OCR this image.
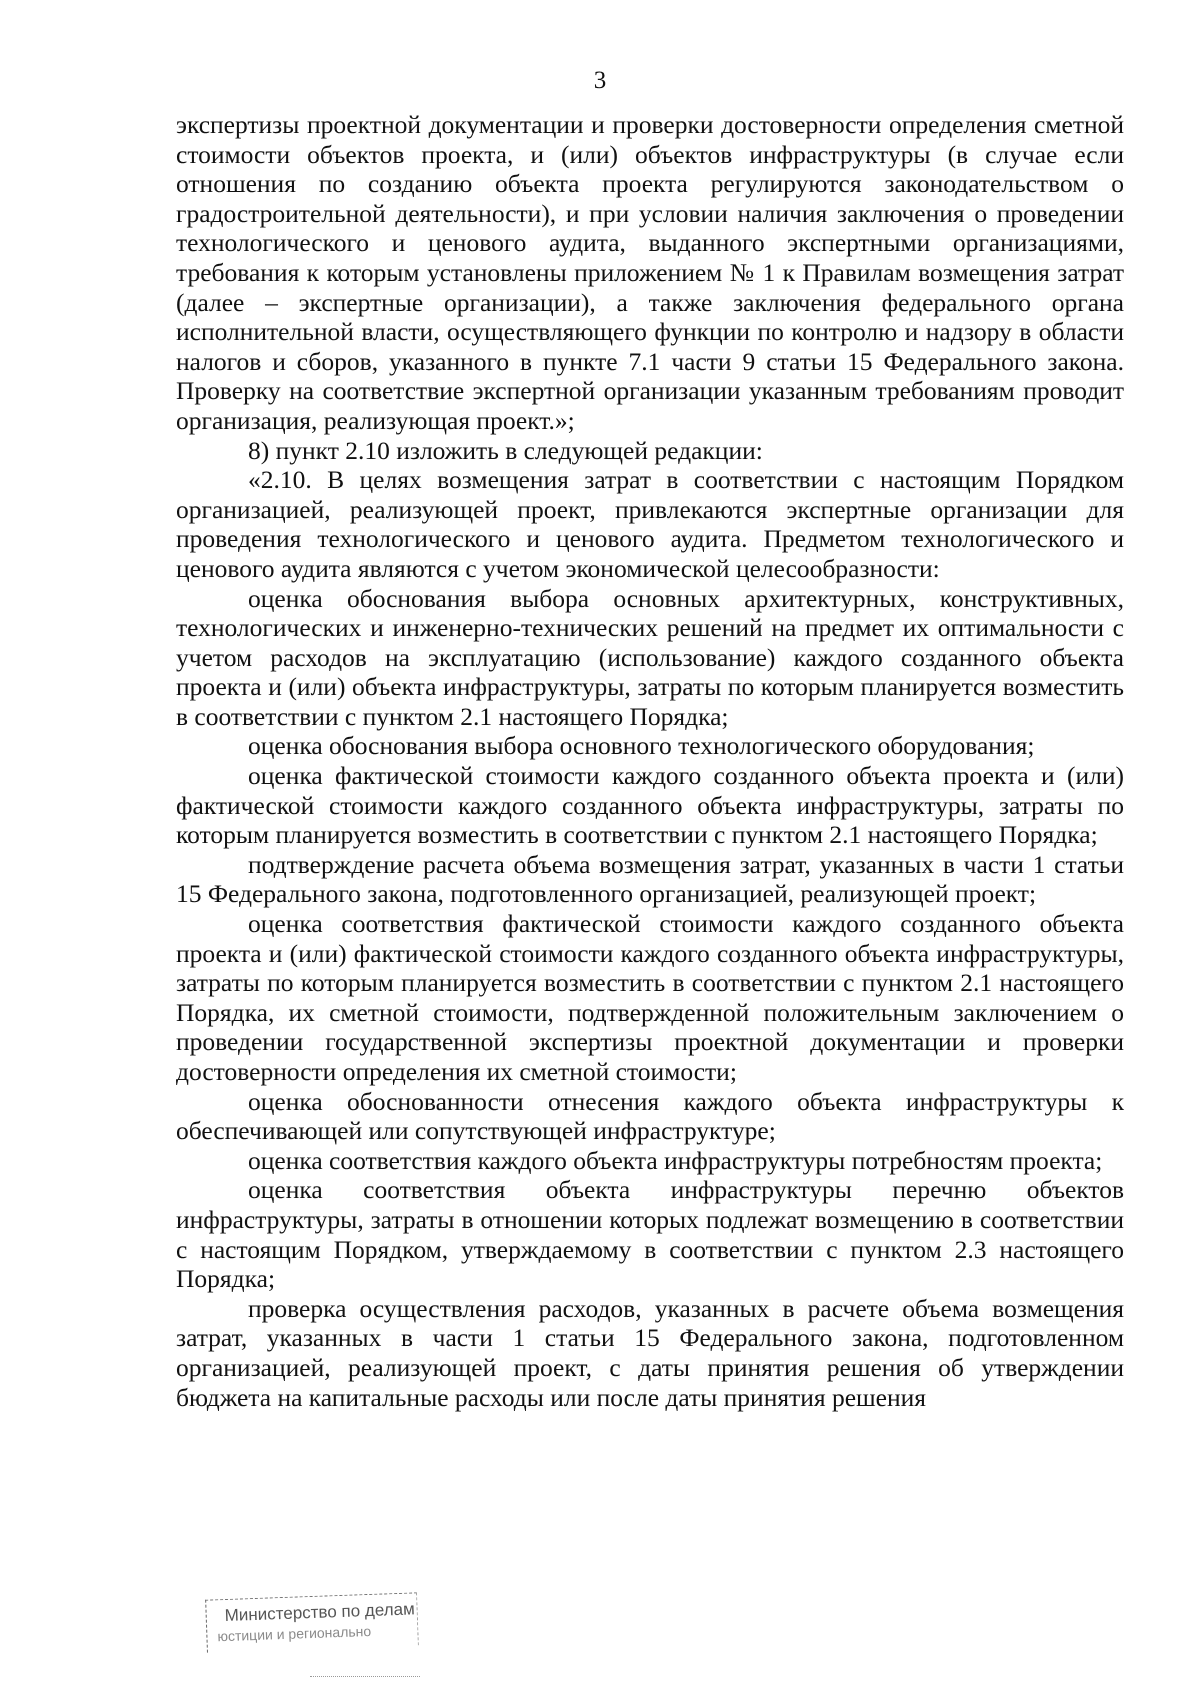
3

экспертизы проектной документации и проверки достоверности определения сметной стоимости объектов проекта, и (или) объектов инфраструктуры (в случае если отношения по созданию объекта проекта регулируются законодательством о градостроительной деятельности), и при условии наличия заключения о проведении технологического и ценового аудита, выданного экспертными организациями, требования к которым установлены приложением № 1 к Правилам возмещения затрат (далее – экспертные организации), а также заключения федерального органа исполнительной власти, осуществляющего функции по контролю и надзору в области налогов и сборов, указанного в пункте 7.1 части 9 статьи 15 Федерального закона. Проверку на соответствие экспертной организации указанным требованиям проводит организация, реализующая проект.»;

8) пункт 2.10 изложить в следующей редакции:

«2.10. В целях возмещения затрат в соответствии с настоящим Порядком организацией, реализующей проект, привлекаются экспертные организации для проведения технологического и ценового аудита. Предметом технологического и ценового аудита являются с учетом экономической целесообразности:

оценка обоснования выбора основных архитектурных, конструктивных, технологических и инженерно-технических решений на предмет их оптимальности с учетом расходов на эксплуатацию (использование) каждого созданного объекта проекта и (или) объекта инфраструктуры, затраты по которым планируется возместить в соответствии с пунктом 2.1 настоящего Порядка;

оценка обоснования выбора основного технологического оборудования;

оценка фактической стоимости каждого созданного объекта проекта и (или) фактической стоимости каждого созданного объекта инфраструктуры, затраты по которым планируется возместить в соответствии с пунктом 2.1 настоящего Порядка;

подтверждение расчета объема возмещения затрат, указанных в части 1 статьи 15 Федерального закона, подготовленного организацией, реализующей проект;

оценка соответствия фактической стоимости каждого созданного объекта проекта и (или) фактической стоимости каждого созданного объекта инфраструктуры, затраты по которым планируется возместить в соответствии с пунктом 2.1 настоящего Порядка, их сметной стоимости, подтвержденной положительным заключением о проведении государственной экспертизы проектной документации и проверки достоверности определения их сметной стоимости;

оценка обоснованности отнесения каждого объекта инфраструктуры к обеспечивающей или сопутствующей инфраструктуре;

оценка соответствия каждого объекта инфраструктуры потребностям проекта;

оценка соответствия объекта инфраструктуры перечню объектов инфраструктуры, затраты в отношении которых подлежат возмещению в соответствии с настоящим Порядком, утверждаемому в соответствии с пунктом 2.3 настоящего Порядка;

проверка осуществления расходов, указанных в расчете объема возмещения затрат, указанных в части 1 статьи 15 Федерального закона, подготовленном организацией, реализующей проект, с даты принятия решения об утверждении бюджета на капитальные расходы или после даты принятия решения

Министерство по делам
юстиции и регионально
